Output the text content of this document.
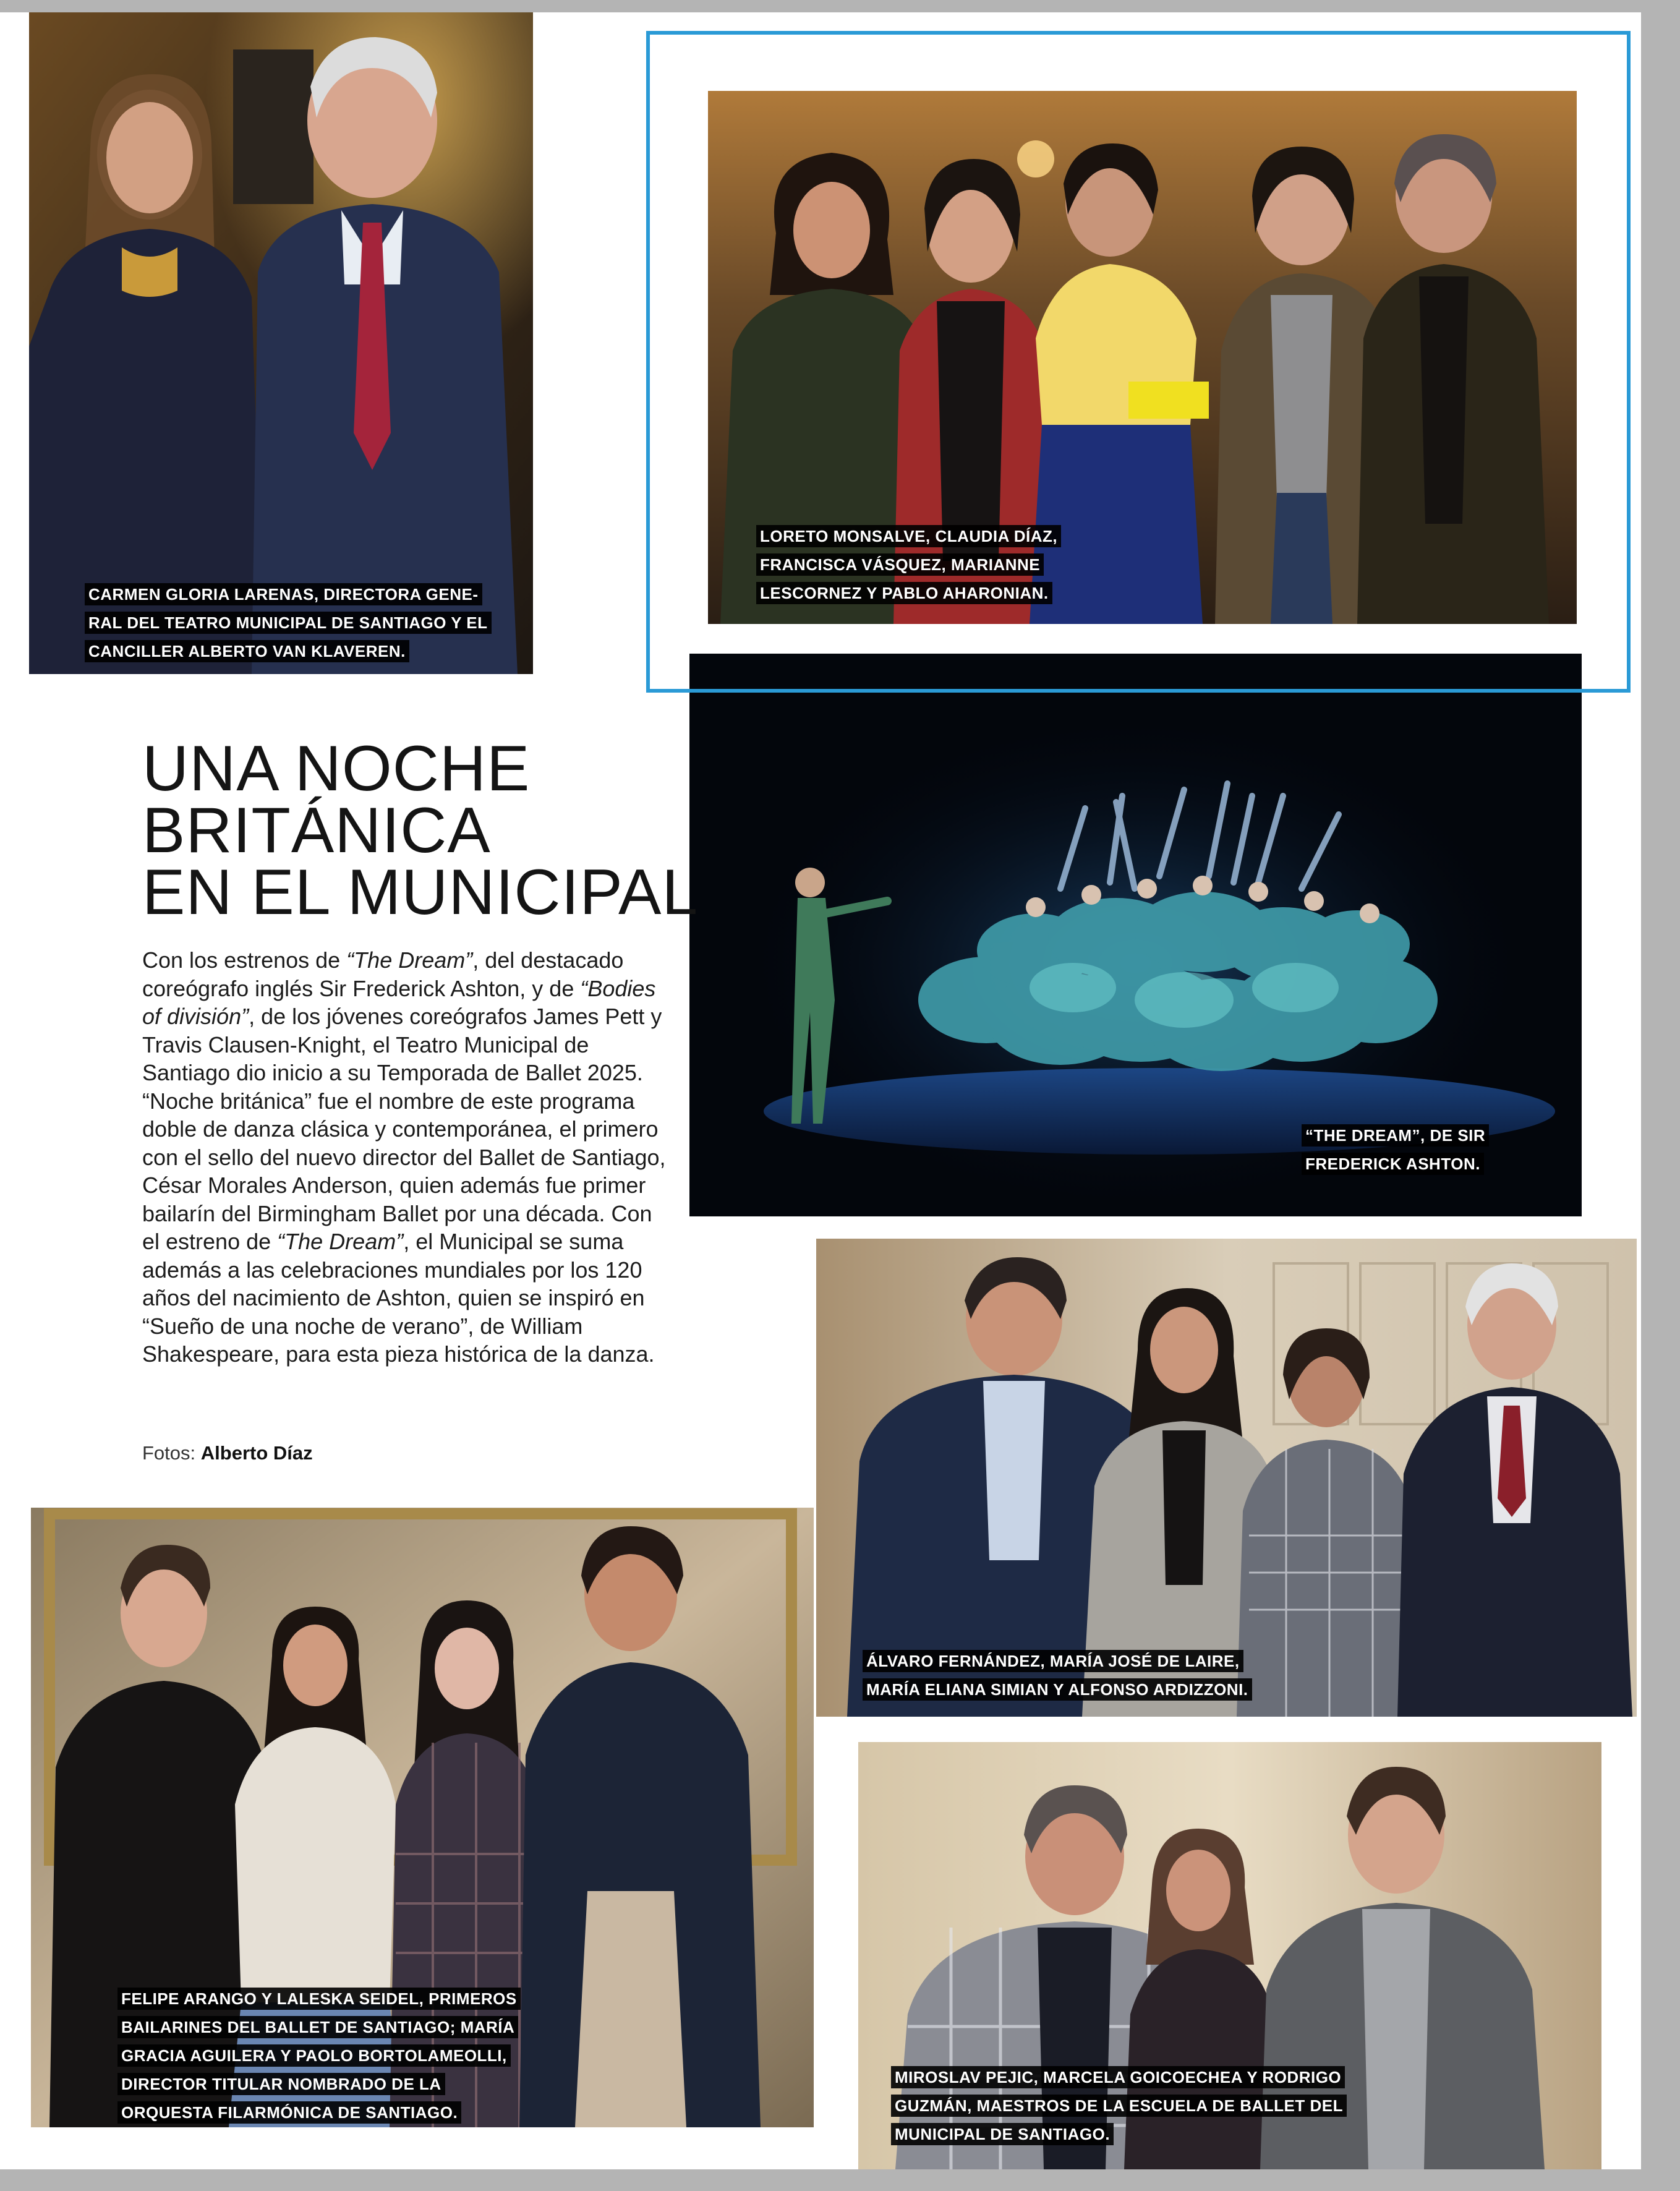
CARMEN GLORIA LARENAS, DIRECTORA GENE-
RAL DEL TEATRO MUNICIPAL DE SANTIAGO Y EL
CANCILLER ALBERTO VAN KLAVEREN.

LORETO MONSALVE, CLAUDIA DÍAZ,
FRANCISCA VÁSQUEZ, MARIANNE
LESCORNEZ Y PABLO AHARONIAN.

“THE DREAM”, DE SIR
FREDERICK ASHTON.

UNA NOCHE
BRITÁNICA
EN EL MUNICIPAL

Con los estrenos de “The Dream”, del destacado coreógrafo inglés Sir Frederick Ashton, y de “Bodies of división”, de los jóvenes coreógrafos James Pett y Travis Clausen-Knight, el Teatro Municipal de Santiago dio inicio a su Temporada de Ballet 2025. “Noche británica” fue el nombre de este programa doble de danza clásica y contemporánea, el primero con el sello del nuevo director del Ballet de Santiago, César Morales Anderson, quien además fue primer bailarín del Birmingham Ballet por una década. Con el estreno de “The Dream”, el Municipal se suma además a las celebraciones mundiales por los 120 años del nacimiento de Ashton, quien se inspiró en “Sueño de una noche de verano”, de William Shakespeare, para esta pieza histórica de la danza.

Fotos: Alberto Díaz

ÁLVARO FERNÁNDEZ, MARÍA JOSÉ DE LAIRE,
MARÍA ELIANA SIMIAN Y ALFONSO ARDIZZONI.

FELIPE ARANGO Y LALESKA SEIDEL, PRIMEROS
BAILARINES DEL BALLET DE SANTIAGO; MARÍA
GRACIA AGUILERA Y PAOLO BORTOLAMEOLLI,
DIRECTOR TITULAR NOMBRADO DE LA
ORQUESTA FILARMÓNICA DE SANTIAGO.

MIROSLAV PEJIC, MARCELA GOICOECHEA Y RODRIGO
GUZMÁN, MAESTROS DE LA ESCUELA DE BALLET DEL
MUNICIPAL DE SANTIAGO.
